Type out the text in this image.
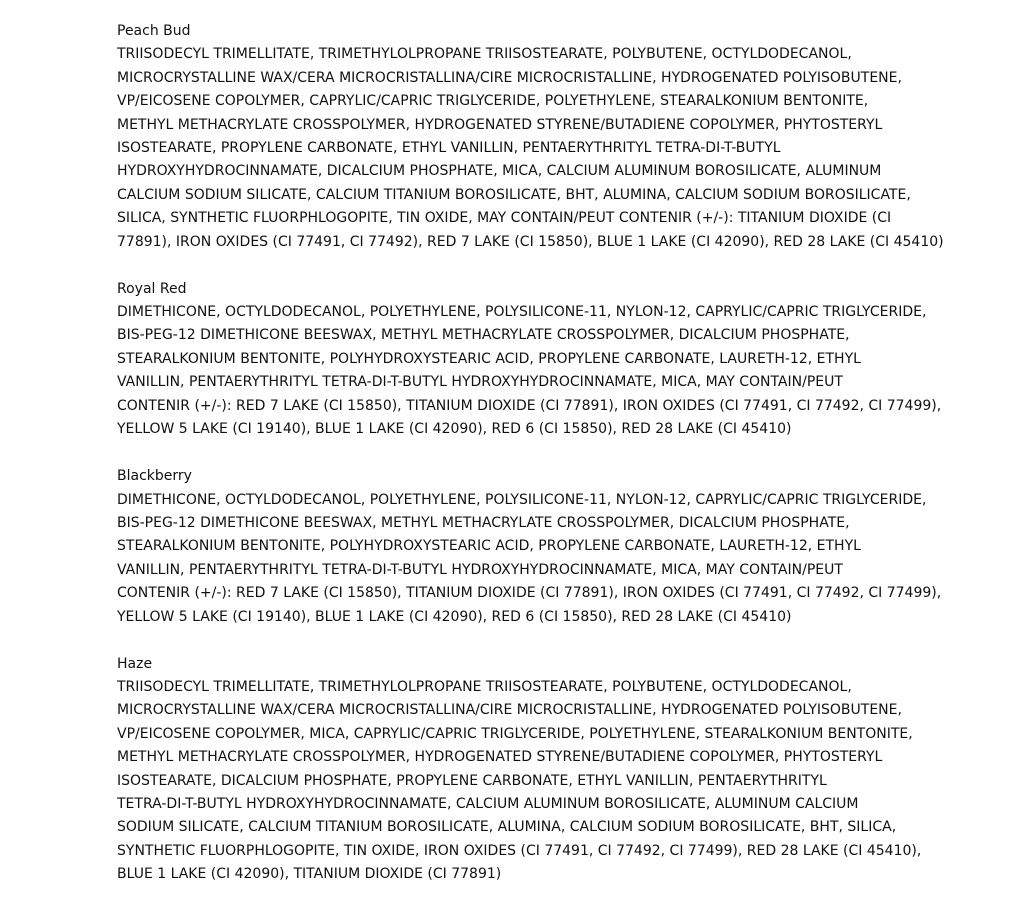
Peach Bud

TRIISODECYL TRIMELLITATE, TRIMETHYLOLPROPANE TRIISOSTEARATE, POLYBUTENE, OCTYLDODECANOL,
MICROCRYSTALLINE WAX/CERA MICROCRISTALLINA/CIRE MICROCRISTALLINE, HYDROGENATED POLYISOBUTENE,
VP/EICOSENE COPOLYMER, CAPRYLIC/CAPRIC TRIGLYCERIDE, POLYETHYLENE, STEARALKONIUM BENTONITE,
METHYL METHACRYLATE CROSSPOLYMER, HYDROGENATED STYRENE/BUTADIENE COPOLYMER, PHYTOSTERYL
ISOSTEARATE, PROPYLENE CARBONATE, ETHYL VANILLIN, PENTAERYTHRITYL TETRA-DI-T-BUTYL
HYDROXYHYDROCINNAMATE, DICALCIUM PHOSPHATE, MICA, CALCIUM ALUMINUM BOROSILICATE, ALUMINUM
CALCIUM SODIUM SILICATE, CALCIUM TITANIUM BOROSILICATE, BHT, ALUMINA, CALCIUM SODIUM BOROSILICATE,
SILICA, SYNTHETIC FLUORPHLOGOPITE, TIN OXIDE, MAY CONTAIN/PEUT CONTENIR (+/-): TITANIUM DIOXIDE (CI
77891), IRON OXIDES (CI 77491, CI 77492), RED 7 LAKE (CI 15850), BLUE 1 LAKE (CI 42090), RED 28 LAKE (CI 45410)

Royal Red

DIMETHICONE, OCTYLDODECANOL, POLYETHYLENE, POLYSILICONE-11, NYLON-12, CAPRYLIC/CAPRIC TRIGLYCERIDE,
BIS-PEG-12 DIMETHICONE BEESWAX, METHYL METHACRYLATE CROSSPOLYMER, DICALCIUM PHOSPHATE,
STEARALKONIUM BENTONITE, POLYHYDROXYSTEARIC ACID, PROPYLENE CARBONATE, LAURETH-12, ETHYL
VANILLIN, PENTAERYTHRITYL TETRA-DI-T-BUTYL HYDROXYHYDROCINNAMATE, MICA, MAY CONTAIN/PEUT
CONTENIR (+/-): RED 7 LAKE (CI 15850), TITANIUM DIOXIDE (CI 77891), IRON OXIDES (CI 77491, CI 77492, CI 77499),
YELLOW 5 LAKE (CI 19140), BLUE 1 LAKE (CI 42090), RED 6 (CI 15850), RED 28 LAKE (CI 45410)

Blackberry

DIMETHICONE, OCTYLDODECANOL, POLYETHYLENE, POLYSILICONE-11, NYLON-12, CAPRYLIC/CAPRIC TRIGLYCERIDE,
BIS-PEG-12 DIMETHICONE BEESWAX, METHYL METHACRYLATE CROSSPOLYMER, DICALCIUM PHOSPHATE,
STEARALKONIUM BENTONITE, POLYHYDROXYSTEARIC ACID, PROPYLENE CARBONATE, LAURETH-12, ETHYL
VANILLIN, PENTAERYTHRITYL TETRA-DI-T-BUTYL HYDROXYHYDROCINNAMATE, MICA, MAY CONTAIN/PEUT
CONTENIR (+/-): RED 7 LAKE (CI 15850), TITANIUM DIOXIDE (CI 77891), IRON OXIDES (CI 77491, CI 77492, CI 77499),
YELLOW 5 LAKE (CI 19140), BLUE 1 LAKE (CI 42090), RED 6 (CI 15850), RED 28 LAKE (CI 45410)

Haze

TRIISODECYL TRIMELLITATE, TRIMETHYLOLPROPANE TRIISOSTEARATE, POLYBUTENE, OCTYLDODECANOL,
MICROCRYSTALLINE WAX/CERA MICROCRISTALLINA/CIRE MICROCRISTALLINE, HYDROGENATED POLYISOBUTENE,
VP/EICOSENE COPOLYMER, MICA, CAPRYLIC/CAPRIC TRIGLYCERIDE, POLYETHYLENE, STEARALKONIUM BENTONITE,
METHYL METHACRYLATE CROSSPOLYMER, HYDROGENATED STYRENE/BUTADIENE COPOLYMER, PHYTOSTERYL
ISOSTEARATE, DICALCIUM PHOSPHATE, PROPYLENE CARBONATE, ETHYL VANILLIN, PENTAERYTHRITYL
TETRA-DI-T-BUTYL HYDROXYHYDROCINNAMATE, CALCIUM ALUMINUM BOROSILICATE, ALUMINUM CALCIUM
SODIUM SILICATE, CALCIUM TITANIUM BOROSILICATE, ALUMINA, CALCIUM SODIUM BOROSILICATE, BHT, SILICA,
SYNTHETIC FLUORPHLOGOPITE, TIN OXIDE, IRON OXIDES (CI 77491, CI 77492, CI 77499), RED 28 LAKE (CI 45410),
BLUE 1 LAKE (CI 42090), TITANIUM DIOXIDE (CI 77891)
